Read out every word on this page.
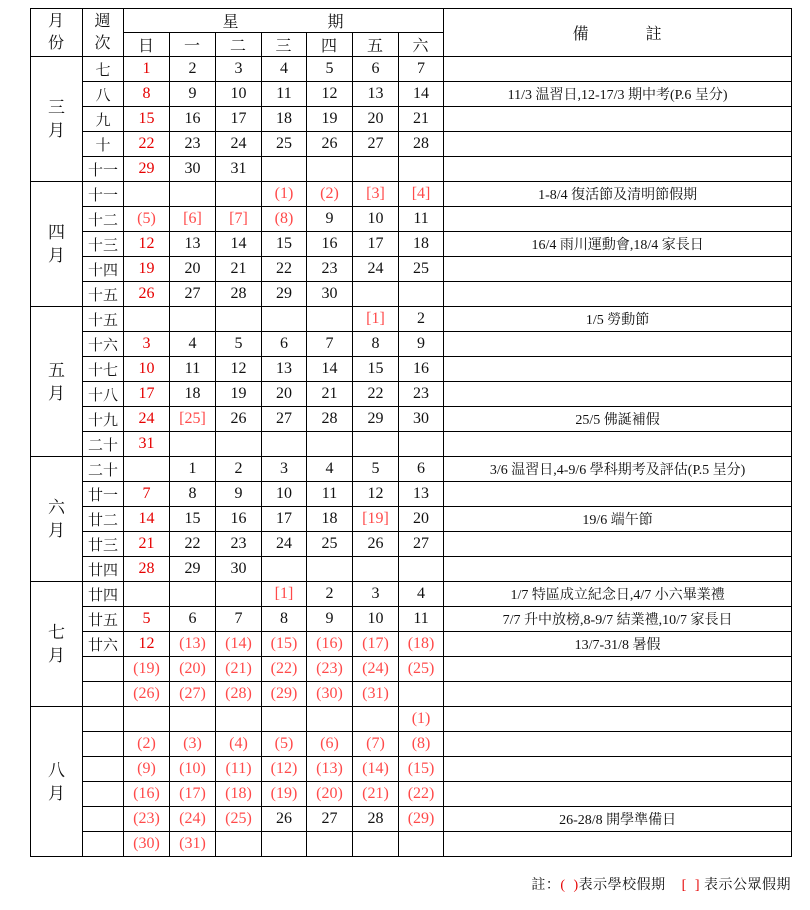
月
份

週
次

星	期

備	註

		日	一	二	三	四	五	六	

三
月	七	1	2	3	4	5	6	7	
	八	8	9	10	11	12	13	14	11/3 温習日,12-17/3 期中考(P.6 呈分)
	九	15	16	17	18	19	20	21	
	十	22	23	24	25	26	27	28	
	十一	29	30	31					

四
月	十一				(1)	(2)	[3]	[4]	1-8/4 復活節及清明節假期
	十二	(5)	[6]	[7]	(8)	9	10	11	
	十三	12	13	14	15	16	17	18	16/4 雨川運動會,18/4 家長日
	十四	19	20	21	22	23	24	25	
	十五	26	27	28	29	30			

五
月	十五						[1]	2	1/5 勞動節
	十六	3	4	5	6	7	8	9	
	十七	10	11	12	13	14	15	16	
	十八	17	18	19	20	21	22	23	
	十九	24	[25]	26	27	28	29	30	25/5 佛誕補假
	二十	31							

六
月	二十		1	2	3	4	5	6	3/6 温習日,4-9/6 學科期考及評估(P.5 呈分)
	廿一	7	8	9	10	11	12	13	
	廿二	14	15	16	17	18	[19]	20	19/6 端午節
	廿三	21	22	23	24	25	26	27	
	廿四	28	29	30					

七
月	廿四				[1]	2	3	4	1/7 特區成立紀念日,4/7 小六畢業禮
	廿五	5	6	7	8	9	10	11	7/7 升中放榜,8-9/7 結業禮,10/7 家長日
	廿六	12	(13)	(14)	(15)	(16)	(17)	(18)	13/7-31/8 暑假
		(19)	(20)	(21)	(22)	(23)	(24)	(25)	
		(26)	(27)	(28)	(29)	(30)	(31)		

八
月								(1)	
		(2)	(3)	(4)	(5)	(6)	(7)	(8)	
		(9)	(10)	(11)	(12)	(13)	(14)	(15)	
		(16)	(17)	(18)	(19)	(20)	(21)	(22)	
		(23)	(24)	(25)	26	27	28	(29)	26-28/8 開學準備日
		(30)	(31)						

註：(  )表示學校假期 [  ] 表示公眾假期
